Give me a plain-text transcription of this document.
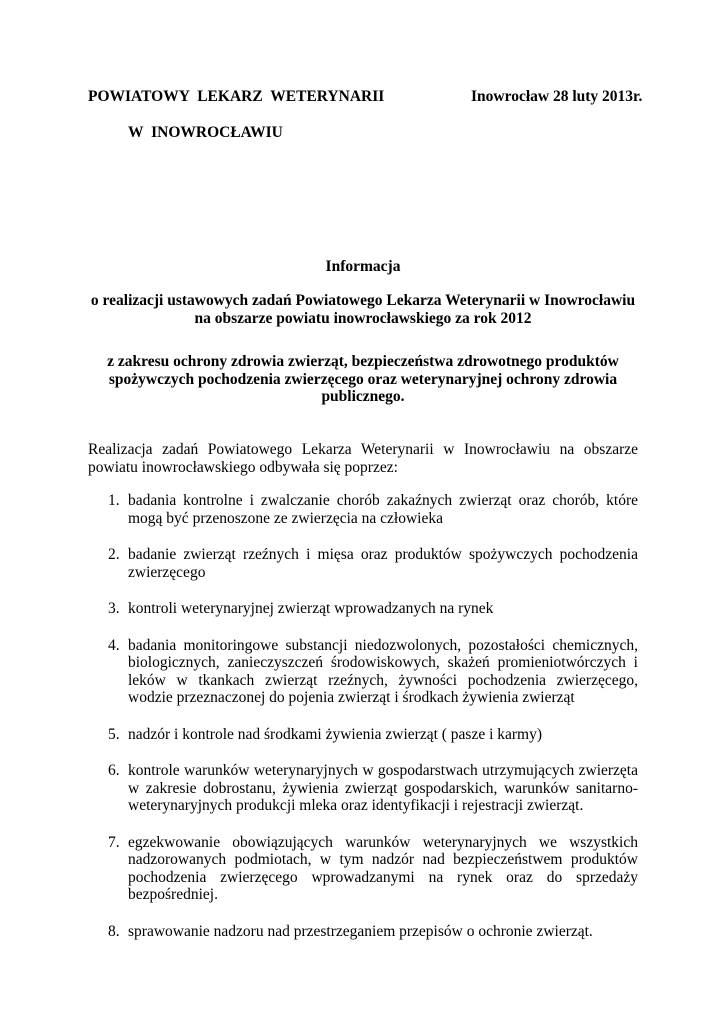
POWIATOWY LEKARZ WETERYNARII	Inowrocław 28 luty 2013r.
W INOWROCŁAWIU
Informacja
o realizacji ustawowych zadań Powiatowego Lekarza Weterynarii w Inowrocławiu na obszarze powiatu inowrocławskiego za rok 2012
z zakresu ochrony zdrowia zwierząt, bezpieczeństwa zdrowotnego produktów spożywczych pochodzenia zwierzęcego oraz weterynaryjnej ochrony zdrowia publicznego.
Realizacja zadań Powiatowego Lekarza Weterynarii w Inowrocławiu na obszarze powiatu inowrocławskiego odbywała się poprzez:
1. badania kontrolne i zwalczanie chorób zakaźnych zwierząt oraz chorób, które mogą być przenoszone ze zwierzęcia na człowieka
2. badanie zwierząt rzeźnych i mięsa oraz produktów spożywczych pochodzenia zwierzęcego
3. kontroli weterynaryjnej zwierząt wprowadzanych na rynek
4. badania monitoringowe substancji niedozwolonych, pozostałości chemicznych, biologicznych, zanieczyszczeń środowiskowych, skażeń promieniotwórczych i leków w tkankach zwierząt rzeźnych, żywności pochodzenia zwierzęcego, wodzie przeznaczonej do pojenia zwierząt i środkach żywienia zwierząt
5. nadzór i kontrole nad środkami żywienia zwierząt ( pasze i karmy)
6. kontrole warunków weterynaryjnych w gospodarstwach utrzymujących zwierzęta w zakresie dobrostanu, żywienia zwierząt gospodarskich, warunków sanitarno-weterynaryjnych produkcji mleka oraz identyfikacji i rejestracji zwierząt.
7. egzekwowanie obowiązujących warunków weterynaryjnych we wszystkich nadzorowanych podmiotach, w tym nadzór nad bezpieczeństwem produktów pochodzenia zwierzęcego wprowadzanymi na rynek oraz do sprzedaży bezpośredniej.
8. sprawowanie nadzoru nad przestrzeganiem przepisów o ochronie zwierząt.
